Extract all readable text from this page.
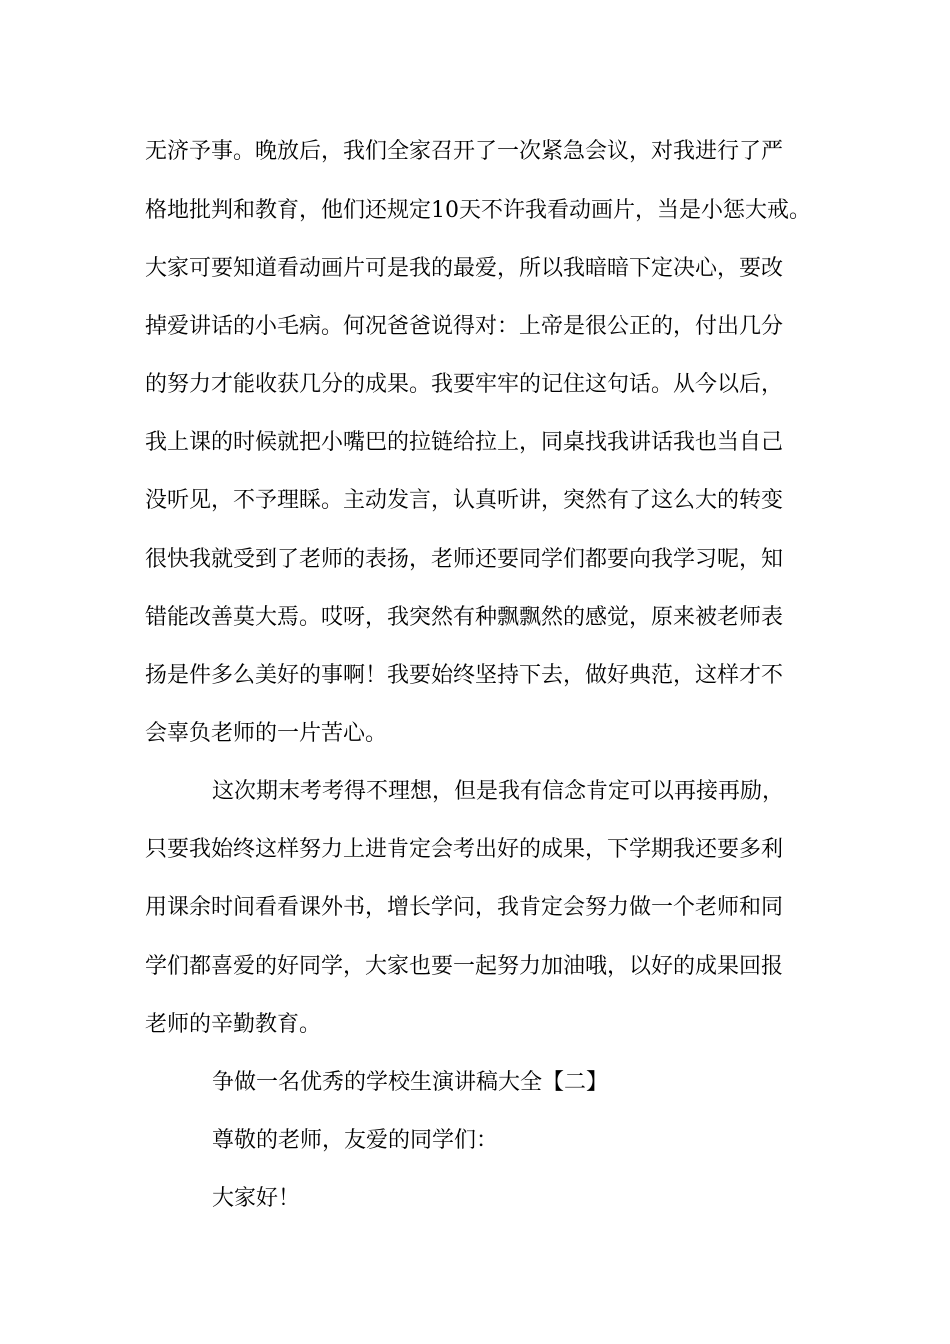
无济予事。晚放后，我们全家召开了一次紧急会议，对我进行了严
格地批判和教育，他们还规定10天不许我看动画片，当是小惩大戒。
大家可要知道看动画片可是我的最爱，所以我暗暗下定决心，要改
掉爱讲话的小毛病。何况爸爸说得对：上帝是很公正的，付出几分
的努力才能收获几分的成果。我要牢牢的记住这句话。从今以后，
我上课的时候就把小嘴巴的拉链给拉上，同桌找我讲话我也当自己
没听见，不予理睬。主动发言，认真听讲，突然有了这么大的转变
很快我就受到了老师的表扬，老师还要同学们都要向我学习呢，知
错能改善莫大焉。哎呀，我突然有种飘飘然的感觉，原来被老师表
扬是件多么美好的事啊！我要始终坚持下去，做好典范，这样才不
会辜负老师的一片苦心。
这次期末考考得不理想，但是我有信念肯定可以再接再励，
只要我始终这样努力上进肯定会考出好的成果，下学期我还要多利
用课余时间看看课外书，增长学问，我肯定会努力做一个老师和同
学们都喜爱的好同学，大家也要一起努力加油哦，以好的成果回报
老师的辛勤教育。
争做一名优秀的学校生演讲稿大全【二】
尊敬的老师，友爱的同学们：
大家好！
